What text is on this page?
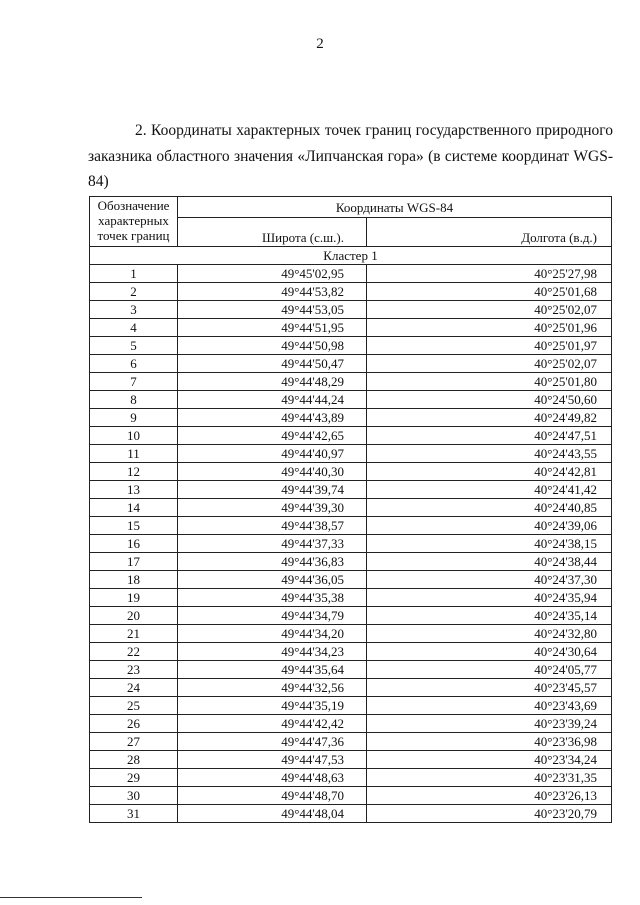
2
2. Координаты характерных точек границ государственного природного
заказника областного значения «Липчанская гора» (в системе координат WGS-
84)
Обозначение характерных точек границ	Координаты WGS-84	
	Широта (с.ш.).	Долгота (в.д.)
Кластер 1		
1	49°45'02,95	40°25'27,98
2	49°44'53,82	40°25'01,68
3	49°44'53,05	40°25'02,07
4	49°44'51,95	40°25'01,96
5	49°44'50,98	40°25'01,97
6	49°44'50,47	40°25'02,07
7	49°44'48,29	40°25'01,80
8	49°44'44,24	40°24'50,60
9	49°44'43,89	40°24'49,82
10	49°44'42,65	40°24'47,51
11	49°44'40,97	40°24'43,55
12	49°44'40,30	40°24'42,81
13	49°44'39,74	40°24'41,42
14	49°44'39,30	40°24'40,85
15	49°44'38,57	40°24'39,06
16	49°44'37,33	40°24'38,15
17	49°44'36,83	40°24'38,44
18	49°44'36,05	40°24'37,30
19	49°44'35,38	40°24'35,94
20	49°44'34,79	40°24'35,14
21	49°44'34,20	40°24'32,80
22	49°44'34,23	40°24'30,64
23	49°44'35,64	40°24'05,77
24	49°44'32,56	40°23'45,57
25	49°44'35,19	40°23'43,69
26	49°44'42,42	40°23'39,24
27	49°44'47,36	40°23'36,98
28	49°44'47,53	40°23'34,24
29	49°44'48,63	40°23'31,35
30	49°44'48,70	40°23'26,13
31	49°44'48,04	40°23'20,79
